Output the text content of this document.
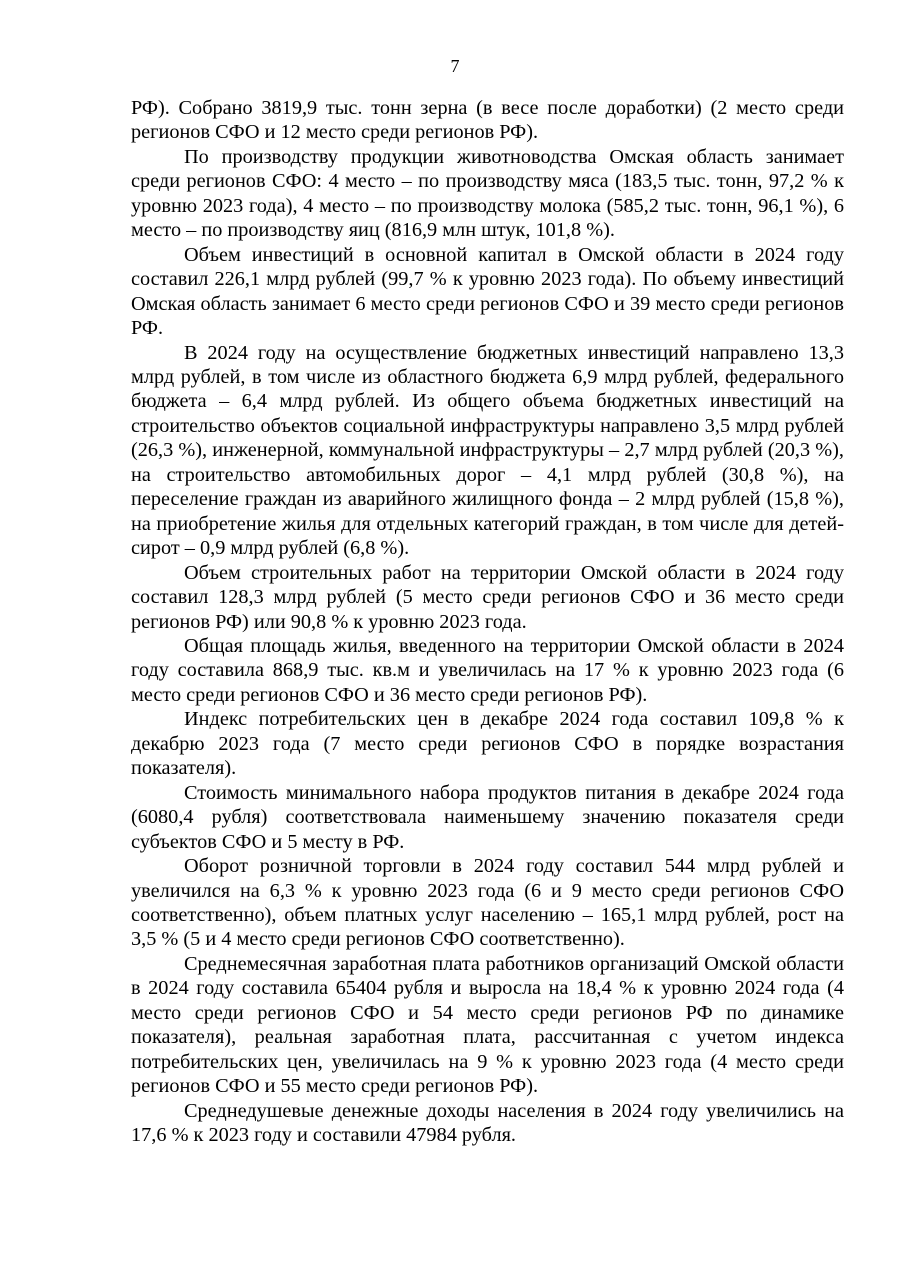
7

РФ). Собрано 3819,9 тыс. тонн зерна (в весе после доработки) (2 место среди регионов СФО и 12 место среди регионов РФ).

По производству продукции животноводства Омская область занимает среди регионов СФО: 4 место – по производству мяса (183,5 тыс. тонн, 97,2 % к уровню 2023 года), 4 место – по производству молока (585,2 тыс. тонн, 96,1 %), 6 место – по производству яиц (816,9 млн штук, 101,8 %).

Объем инвестиций в основной капитал в Омской области в 2024 году составил 226,1 млрд рублей (99,7 % к уровню 2023 года). По объему инвестиций Омская область занимает 6 место среди регионов СФО и 39 место среди регионов РФ.

В 2024 году на осуществление бюджетных инвестиций направлено 13,3 млрд рублей, в том числе из областного бюджета 6,9 млрд рублей, федерального бюджета – 6,4 млрд рублей. Из общего объема бюджетных инвестиций на строительство объектов социальной инфраструктуры направлено 3,5 млрд рублей (26,3 %), инженерной, коммунальной инфраструктуры – 2,7 млрд рублей (20,3 %), на строительство автомобильных дорог – 4,1 млрд рублей (30,8 %), на переселение граждан из аварийного жилищного фонда – 2 млрд рублей (15,8 %), на приобретение жилья для отдельных категорий граждан, в том числе для детей-сирот – 0,9 млрд рублей (6,8 %).

Объем строительных работ на территории Омской области в 2024 году составил 128,3 млрд рублей (5 место среди регионов СФО и 36 место среди регионов РФ) или 90,8 % к уровню 2023 года.

Общая площадь жилья, введенного на территории Омской области в 2024 году составила 868,9 тыс. кв.м и увеличилась на 17 % к уровню 2023 года (6 место среди регионов СФО и 36 место среди регионов РФ).

Индекс потребительских цен в декабре 2024 года составил 109,8 % к декабрю 2023 года (7 место среди регионов СФО в порядке возрастания показателя).

Стоимость минимального набора продуктов питания в декабре 2024 года (6080,4 рубля) соответствовала наименьшему значению показателя среди субъектов СФО и 5 месту в РФ.

Оборот розничной торговли в 2024 году составил 544 млрд рублей и увеличился на 6,3 % к уровню 2023 года (6 и 9 место среди регионов СФО соответственно), объем платных услуг населению – 165,1 млрд рублей, рост на 3,5 % (5 и 4 место среди регионов СФО соответственно).

Среднемесячная заработная плата работников организаций Омской области в 2024 году составила 65404 рубля и выросла на 18,4 % к уровню 2024 года (4 место среди регионов СФО и 54 место среди регионов РФ по динамике показателя), реальная заработная плата, рассчитанная с учетом индекса потребительских цен, увеличилась на 9 % к уровню 2023 года (4 место среди регионов СФО и 55 место среди регионов РФ).

Среднедушевые денежные доходы населения в 2024 году увеличились на 17,6 % к 2023 году и составили 47984 рубля.
